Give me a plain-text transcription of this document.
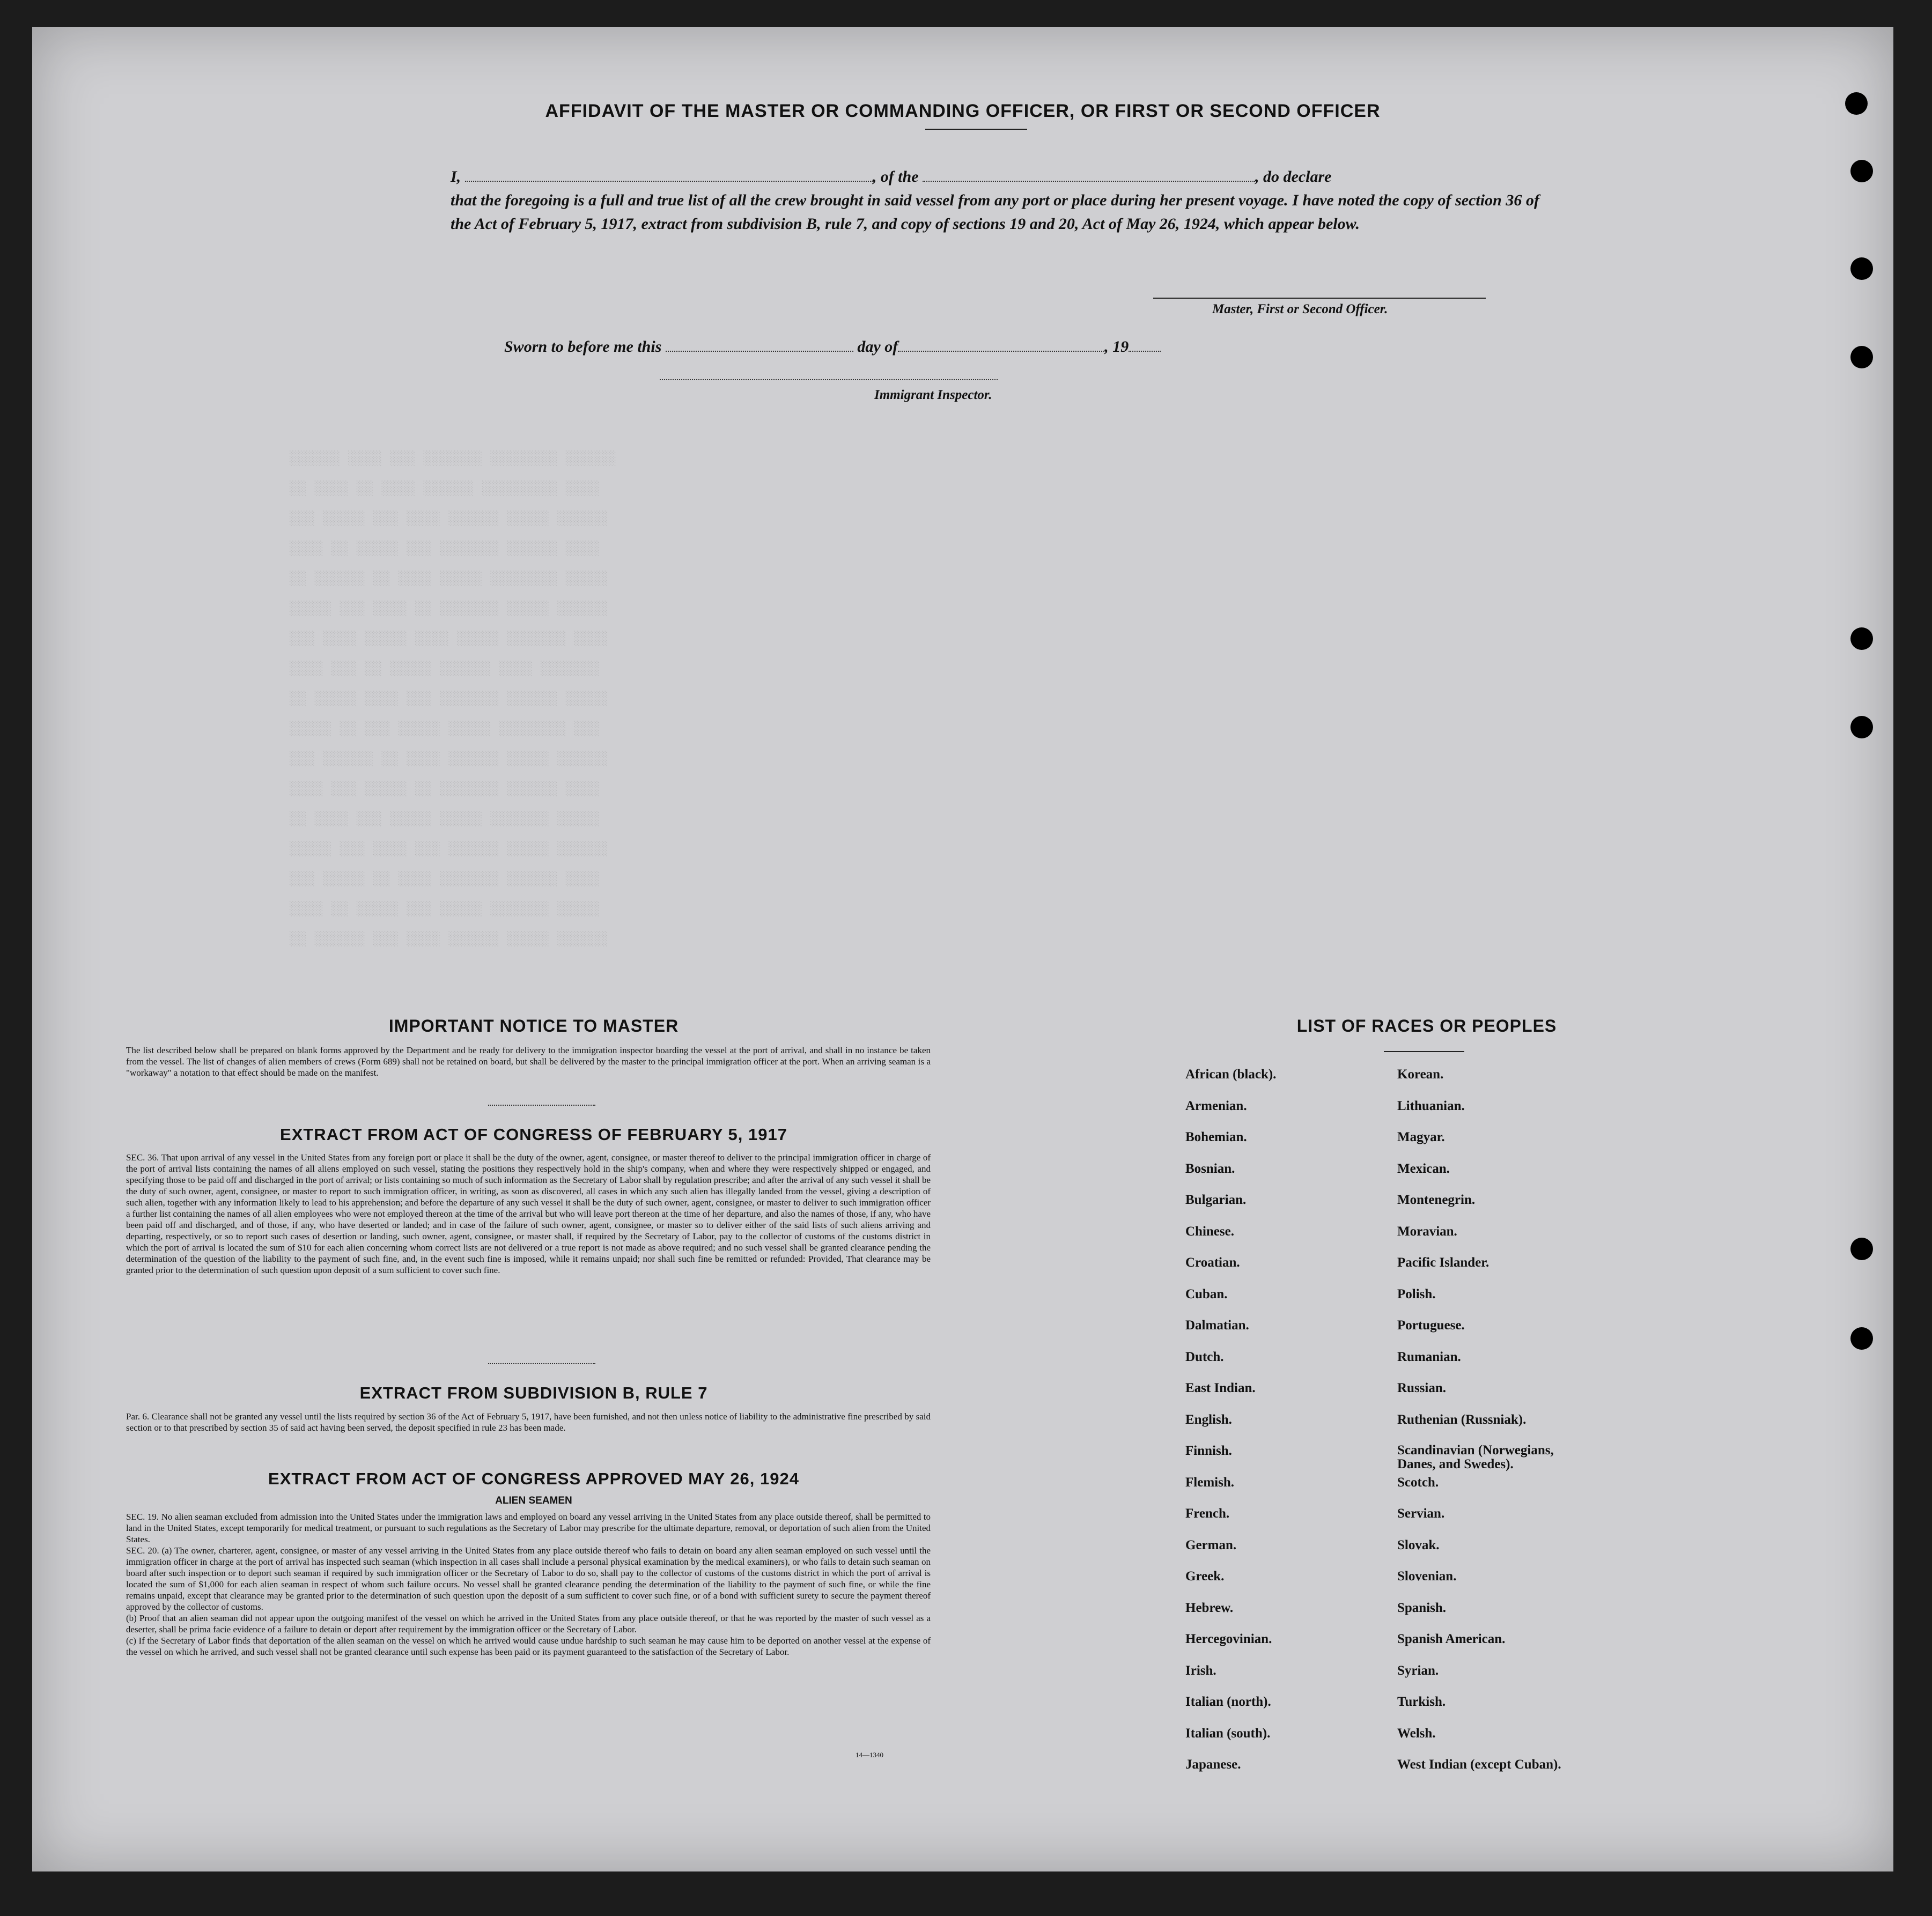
AFFIDAVIT OF THE MASTER OR COMMANDING OFFICER, OR FIRST OR SECOND OFFICER
I,	, of the	, do declare
that the foregoing is a full and true list of all the crew brought in said vessel from any port or place during her present voyage. I have noted the copy of section 36 of the Act of February 5, 1917, extract from subdivision B, rule 7, and copy of sections 19 and 20, Act of May 26, 1924, which appear below.
Master, First or Second Officer.
Sworn to before me this	day of	, 19
Immigrant Inspector.
░░░░░░ ░░░░ ░░░ ░░░░░░░ ░░░░░░░░ ░░░░░░
░░ ░░░░ ░░ ░░░░ ░░░░░░ ░░░░░░░░░ ░░░░
░░░ ░░░░░ ░░░ ░░░░ ░░░░░░ ░░░░░ ░░░░░░
░░░░ ░░ ░░░░░ ░░░ ░░░░░░░ ░░░░░░ ░░░░
░░ ░░░░░░ ░░ ░░░░ ░░░░░ ░░░░░░░░ ░░░░░
░░░░░ ░░░ ░░░░ ░░ ░░░░░░░ ░░░░░ ░░░░░░
░░░ ░░░░ ░░░░░ ░░░░ ░░░░░ ░░░░░░░ ░░░░
░░░░ ░░░ ░░ ░░░░░ ░░░░░░ ░░░░ ░░░░░░░
░░ ░░░░░ ░░░░ ░░░ ░░░░░░░ ░░░░░░ ░░░░░
░░░░░ ░░ ░░░ ░░░░░ ░░░░░ ░░░░░░░░ ░░░
░░░ ░░░░░░ ░░ ░░░░ ░░░░░░ ░░░░░ ░░░░░░
░░░░ ░░░ ░░░░░ ░░ ░░░░░░░ ░░░░░░ ░░░░
░░ ░░░░ ░░░ ░░░░░ ░░░░░ ░░░░░░░ ░░░░░
░░░░░ ░░░ ░░░░ ░░░ ░░░░░░ ░░░░░ ░░░░░░
░░░ ░░░░░ ░░ ░░░░ ░░░░░░░ ░░░░░░ ░░░░
░░░░ ░░ ░░░░░ ░░░ ░░░░░ ░░░░░░░ ░░░░░
░░ ░░░░░░ ░░░ ░░░░ ░░░░░░ ░░░░░ ░░░░░░
IMPORTANT NOTICE TO MASTER
The list described below shall be prepared on blank forms approved by the Department and be ready for delivery to the immigration inspector boarding the vessel at the port of arrival, and shall in no instance be taken from the vessel. The list of changes of alien members of crews (Form 689) shall not be retained on board, but shall be delivered by the master to the principal immigration officer at the port. When an arriving seaman is a "workaway" a notation to that effect should be made on the manifest.
EXTRACT FROM ACT OF CONGRESS OF FEBRUARY 5, 1917
SEC. 36. That upon arrival of any vessel in the United States from any foreign port or place it shall be the duty of the owner, agent, consignee, or master thereof to deliver to the principal immigration officer in charge of the port of arrival lists containing the names of all aliens employed on such vessel, stating the positions they respectively hold in the ship's company, when and where they were respectively shipped or engaged, and specifying those to be paid off and discharged in the port of arrival; or lists containing so much of such information as the Secretary of Labor shall by regulation prescribe; and after the arrival of any such vessel it shall be the duty of such owner, agent, consignee, or master to report to such immigration officer, in writing, as soon as discovered, all cases in which any such alien has illegally landed from the vessel, giving a description of such alien, together with any information likely to lead to his apprehension; and before the departure of any such vessel it shall be the duty of such owner, agent, consignee, or master to deliver to such immigration officer a further list containing the names of all alien employees who were not employed thereon at the time of the arrival but who will leave port thereon at the time of her departure, and also the names of those, if any, who have been paid off and discharged, and of those, if any, who have deserted or landed; and in case of the failure of such owner, agent, consignee, or master so to deliver either of the said lists of such aliens arriving and departing, respectively, or so to report such cases of desertion or landing, such owner, agent, consignee, or master shall, if required by the Secretary of Labor, pay to the collector of customs of the customs district in which the port of arrival is located the sum of $10 for each alien concerning whom correct lists are not delivered or a true report is not made as above required; and no such vessel shall be granted clearance pending the determination of the question of the liability to the payment of such fine, and, in the event such fine is imposed, while it remains unpaid; nor shall such fine be remitted or refunded: Provided, That clearance may be granted prior to the determination of such question upon deposit of a sum sufficient to cover such fine.
EXTRACT FROM SUBDIVISION B, RULE 7
Par. 6. Clearance shall not be granted any vessel until the lists required by section 36 of the Act of February 5, 1917, have been furnished, and not then unless notice of liability to the administrative fine prescribed by said section or to that prescribed by section 35 of said act having been served, the deposit specified in rule 23 has been made.
EXTRACT FROM ACT OF CONGRESS APPROVED MAY 26, 1924
ALIEN SEAMEN
SEC. 19. No alien seaman excluded from admission into the United States under the immigration laws and employed on board any vessel arriving in the United States from any place outside thereof, shall be permitted to land in the United States, except temporarily for medical treatment, or pursuant to such regulations as the Secretary of Labor may prescribe for the ultimate departure, removal, or deportation of such alien from the United States.
SEC. 20. (a) The owner, charterer, agent, consignee, or master of any vessel arriving in the United States from any place outside thereof who fails to detain on board any alien seaman employed on such vessel until the immigration officer in charge at the port of arrival has inspected such seaman (which inspection in all cases shall include a personal physical examination by the medical examiners), or who fails to detain such seaman on board after such inspection or to deport such seaman if required by such immigration officer or the Secretary of Labor to do so, shall pay to the collector of customs of the customs district in which the port of arrival is located the sum of $1,000 for each alien seaman in respect of whom such failure occurs. No vessel shall be granted clearance pending the determination of the liability to the payment of such fine, or while the fine remains unpaid, except that clearance may be granted prior to the determination of such question upon the deposit of a sum sufficient to cover such fine, or of a bond with sufficient surety to secure the payment thereof approved by the collector of customs.
(b) Proof that an alien seaman did not appear upon the outgoing manifest of the vessel on which he arrived in the United States from any place outside thereof, or that he was reported by the master of such vessel as a deserter, shall be prima facie evidence of a failure to detain or deport after requirement by the immigration officer or the Secretary of Labor.
(c) If the Secretary of Labor finds that deportation of the alien seaman on the vessel on which he arrived would cause undue hardship to such seaman he may cause him to be deported on another vessel at the expense of the vessel on which he arrived, and such vessel shall not be granted clearance until such expense has been paid or its payment guaranteed to the satisfaction of the Secretary of Labor.
14—1340
LIST OF RACES OR PEOPLES
African (black).	Korean.
Armenian.	Lithuanian.
Bohemian.	Magyar.
Bosnian.	Mexican.
Bulgarian.	Montenegrin.
Chinese.	Moravian.
Croatian.	Pacific Islander.
Cuban.	Polish.
Dalmatian.	Portuguese.
Dutch.	Rumanian.
East Indian.	Russian.
English.	Ruthenian (Russniak).
Finnish.	Scandinavian (Norwegians, Danes, and Swedes).
Flemish.	Scotch.
French.	Servian.
German.	Slovak.
Greek.	Slovenian.
Hebrew.	Spanish.
Hercegovinian.	Spanish American.
Irish.	Syrian.
Italian (north).	Turkish.
Italian (south).	Welsh.
Japanese.	West Indian (except Cuban).
